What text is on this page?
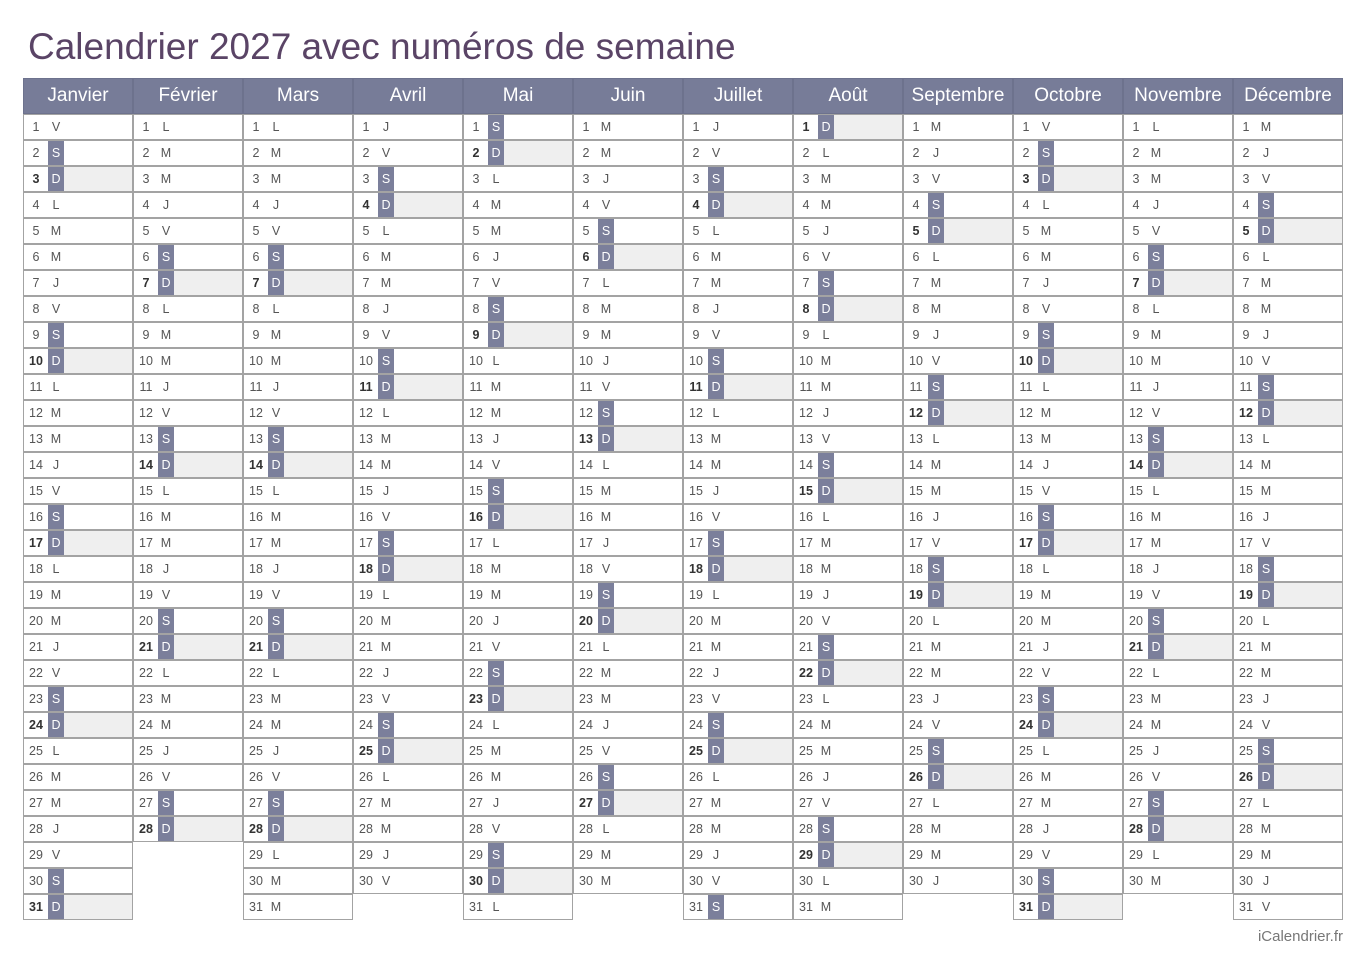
Calendrier 2027 avec numéros de semaine
Janvier
1 V
2 S
3 D
4	L
5 M
6 M
7	J
8 V
9 S
10 D
11 L
12 M
13 M
14 J
15 V
16 S
17 D
18 L
19 M
20 M
21 J
22 V
23 S
24 D
25 L
26 M
27 M
28 J
29 V
30 S
31 D
Février
1	L
2 M
3 M
4	J
5 V
6 S
7 D
8	L
9 M
10 M
11 J
12 V
13 S
14 D
15 L
16 M
17 M
18 J
19 V
20 S
21 D
22 L
23 M
24 M
25 J
26 V
27 S
28 D
Mars
1	L
2 M
3 M
4	J
5 V
6 S
7 D
8	L
9 M
10 M
11 J
12 V
13 S
14 D
15 L
16 M
17 M
18 J
19 V
20 S
21 D
22 L
23 M
24 M
25 J
26 V
27 S
28 D
29 L
30 M
31 M
Avril
1	J
2 V
3 S
4 D
5	L
6 M
7 M
8	J
9 V
10 S
11 D
12 L
13 M
14 M
15 J
16 V
17 S
18 D
19 L
20 M
21 M
22 J
23 V
24 S
25 D
26 L
27 M
28 M
29 J
30 V
Mai
1 S
2 D
3	L
4 M
5 M
6	J
7 V
8 S
9 D
10 L
11 M
12 M
13 J
14 V
15 S
16 D
17 L
18 M
19 M
20 J
21 V
22 S
23 D
24 L
25 M
26 M
27 J
28 V
29 S
30 D
31 L
Juin
1 M
2 M
3	J
4 V
5 S
6 D
7	L
8 M
9 M
10 J
11 V
12 S
13 D
14 L
15 M
16 M
17 J
18 V
19 S
20 D
21 L
22 M
23 M
24 J
25 V
26 S
27 D
28 L
29 M
30 M
Juillet
1	J
2 V
3 S
4 D
5	L
6 M
7 M
8	J
9 V
10 S
11 D
12 L
13 M
14 M
15 J
16 V
17 S
18 D
19 L
20 M
21 M
22 J
23 V
24 S
25 D
26 L
27 M
28 M
29 J
30 V
31 S
Août
1 D
2	L
3 M
4 M
5	J
6 V
7 S
8 D
9	L
10 M
11 M
12 J
13 V
14 S
15 D
16 L
17 M
18 M
19 J
20 V
21 S
22 D
23 L
24 M
25 M
26 J
27 V
28 S
29 D
30 L
31 M
Septembre
1 M
2	J
3 V
4 S
5 D
6	L
7 M
8 M
9	J
10 V
11 S
12 D
13 L
14 M
15 M
16 J
17 V
18 S
19 D
20 L
21 M
22 M
23 J
24 V
25 S
26 D
27 L
28 M
29 M
30 J
Octobre
1 V
2 S
3 D
4	L
5 M
6 M
7	J
8 V
9 S
10 D
11 L
12 M
13 M
14 J
15 V
16 S
17 D
18 L
19 M
20 M
21 J
22 V
23 S
24 D
25 L
26 M
27 M
28 J
29 V
30 S
31 D
Novembre
1	L
2 M
3 M
4	J
5 V
6 S
7 D
8	L
9 M
10 M
11 J
12 V
13 S
14 D
15 L
16 M
17 M
18 J
19 V
20 S
21 D
22 L
23 M
24 M
25 J
26 V
27 S
28 D
29 L
30 M
Décembre
1 M
2	J
3 V
4 S
5 D
6	L
7 M
8 M
9	J
10 V
11 S
12 D
13 L
14 M
15 M
16 J
17 V
18 S
19 D
20 L
21 M
22 M
23 J
24 V
25 S
26 D
27 L
28 M
29 M
30 J
31 V
iCalendrier.fr
